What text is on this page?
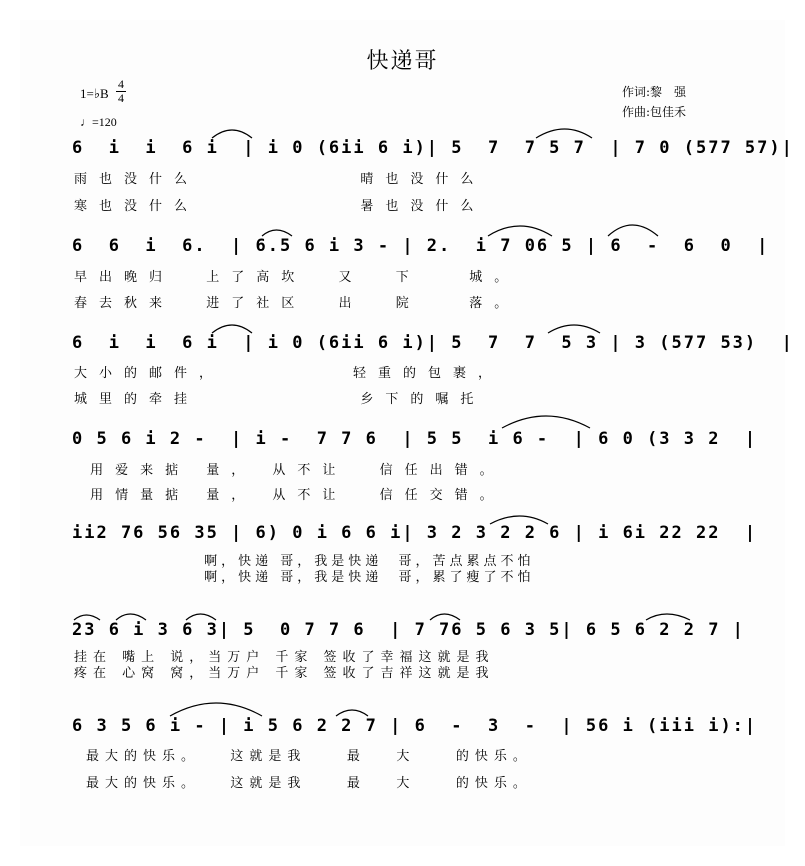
快递哥
1=♭B
4
4
♩=120
作词:黎　强
作曲:包佳禾
6  i  i  6 i  | i 0 (6ii 6 i)| 5  7  7 5 7  | 7 0 (577 57)|
雨也没什么          晴也没什么
寒也没什么          暑也没什么
6  6  i  6.  | 6.5 6 i 3 - | 2.  i 7 06 5 | 6  -  6  0  |
早出晚归  上了高坎  又  下   城。
春去秋来  进了社区  出  院   落。
6  i  i  6 i  | i 0 (6ii 6 i)| 5  7  7  5 3 | 3 (577 53)  |
大小的邮件，        轻重的包裹，
城里的牵挂          乡下的嘱托
0 5 6 i 2 -  | i -  7 7 6  | 5 5  i 6 -  | 6 0 (3 3 2  |
用爱来掂 量， 从不让  信任出错。
用情量掂 量， 从不让  信任交错。
ii2 76 56 35 | 6) 0 i 6 6 i| 3 2 3 2 2 6 | i 6i 22 22  |
啊，快递 哥，我是快递  哥，苦点累点不怕
啊，快递 哥，我是快递  哥，累了瘦了不怕
23 6 i 3 6 3| 5  0 7 7 6  | 7 76 5 6 3 5| 6 5 6 2 2 7 |
挂在 嘴上 说，当万户 千家 签收了幸福这就是我
疼在 心窝 窝，当万户 千家 签收了吉祥这就是我
6 3 5 6 i - | i 5 6 2 2 7 | 6  -  3  -  | 56 i (iii i):|
最大的快乐。   这就是我    最   大    的快乐。
最大的快乐。   这就是我    最   大    的快乐。
